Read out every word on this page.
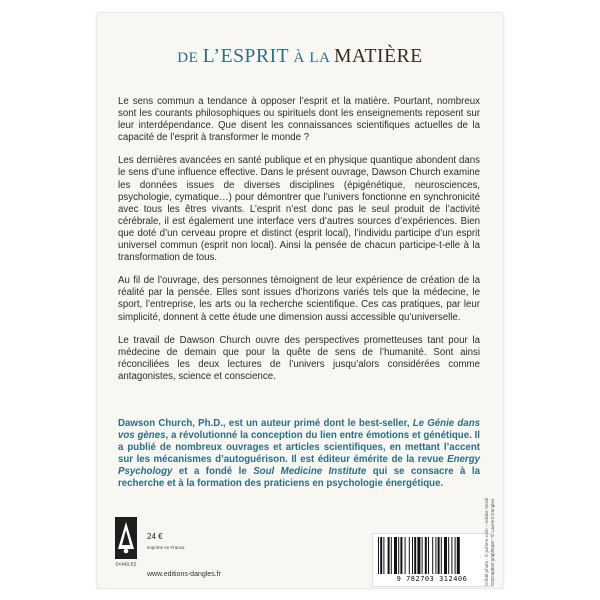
DE L’ESPRIT À LA MATIÈRE

Le sens commun a tendance à opposer l’esprit et la matière. Pourtant, nombreux sont les courants philosophiques ou spirituels dont les enseignements reposent sur leur interdépendance. Que disent les connaissances scientifiques actuelles de la capacité de l’esprit à transformer le monde ?

Les dernières avancées en santé publique et en physique quantique abondent dans le sens d’une influence effective. Dans le présent ouvrage, Dawson Church examine les données issues de diverses disciplines (épigénétique, neurosciences, psychologie, cymatique…) pour démontrer que l’univers fonctionne en synchronicité avec tous les êtres vivants. L’esprit n’est donc pas le seul produit de l’activité cérébrale, il est également une interface vers d’autres sources d’expériences. Bien que doté d’un cerveau propre et distinct (esprit local), l’individu participe d’un esprit universel commun (esprit non local). Ainsi la pensée de chacun participe-t-elle à la transformation de tous.

Au fil de l’ouvrage, des personnes témoignent de leur expérience de création de la réalité par la pensée. Elles sont issues d’horizons variés tels que la médecine, le sport, l’entreprise, les arts ou la recherche scientifique. Ces cas pratiques, par leur simplicité, donnent à cette étude une dimension aussi accessible qu’universelle.

Le travail de Dawson Church ouvre des perspectives prometteuses tant pour la médecine de demain que pour la quête de sens de l’humanité. Sont ainsi réconciliées les deux lectures de l’univers jusqu’alors considérées comme antagonistes, science et conscience.

Dawson Church, Ph.D., est un auteur primé dont le best-seller, Le Génie dans vos gènes, a révolutionné la conception du lien entre émotions et génétique. Il a publié de nombreux ouvrages et articles scientifiques, en mettant l’accent sur les mécanismes d’autoguérison. Il est éditeur émérite de la revue Energy Psychology et a fondé le Soul Medicine Institute qui se consacre à la recherche et à la formation des praticiens en psychologie énergétique.
DANGLES
24 €
imprimé en France
www.editions-dangles.fr
9 782703 312406	Crédit photo : © pxhere.com – Adobe Stock Conception graphique : © Laurent Dangles
